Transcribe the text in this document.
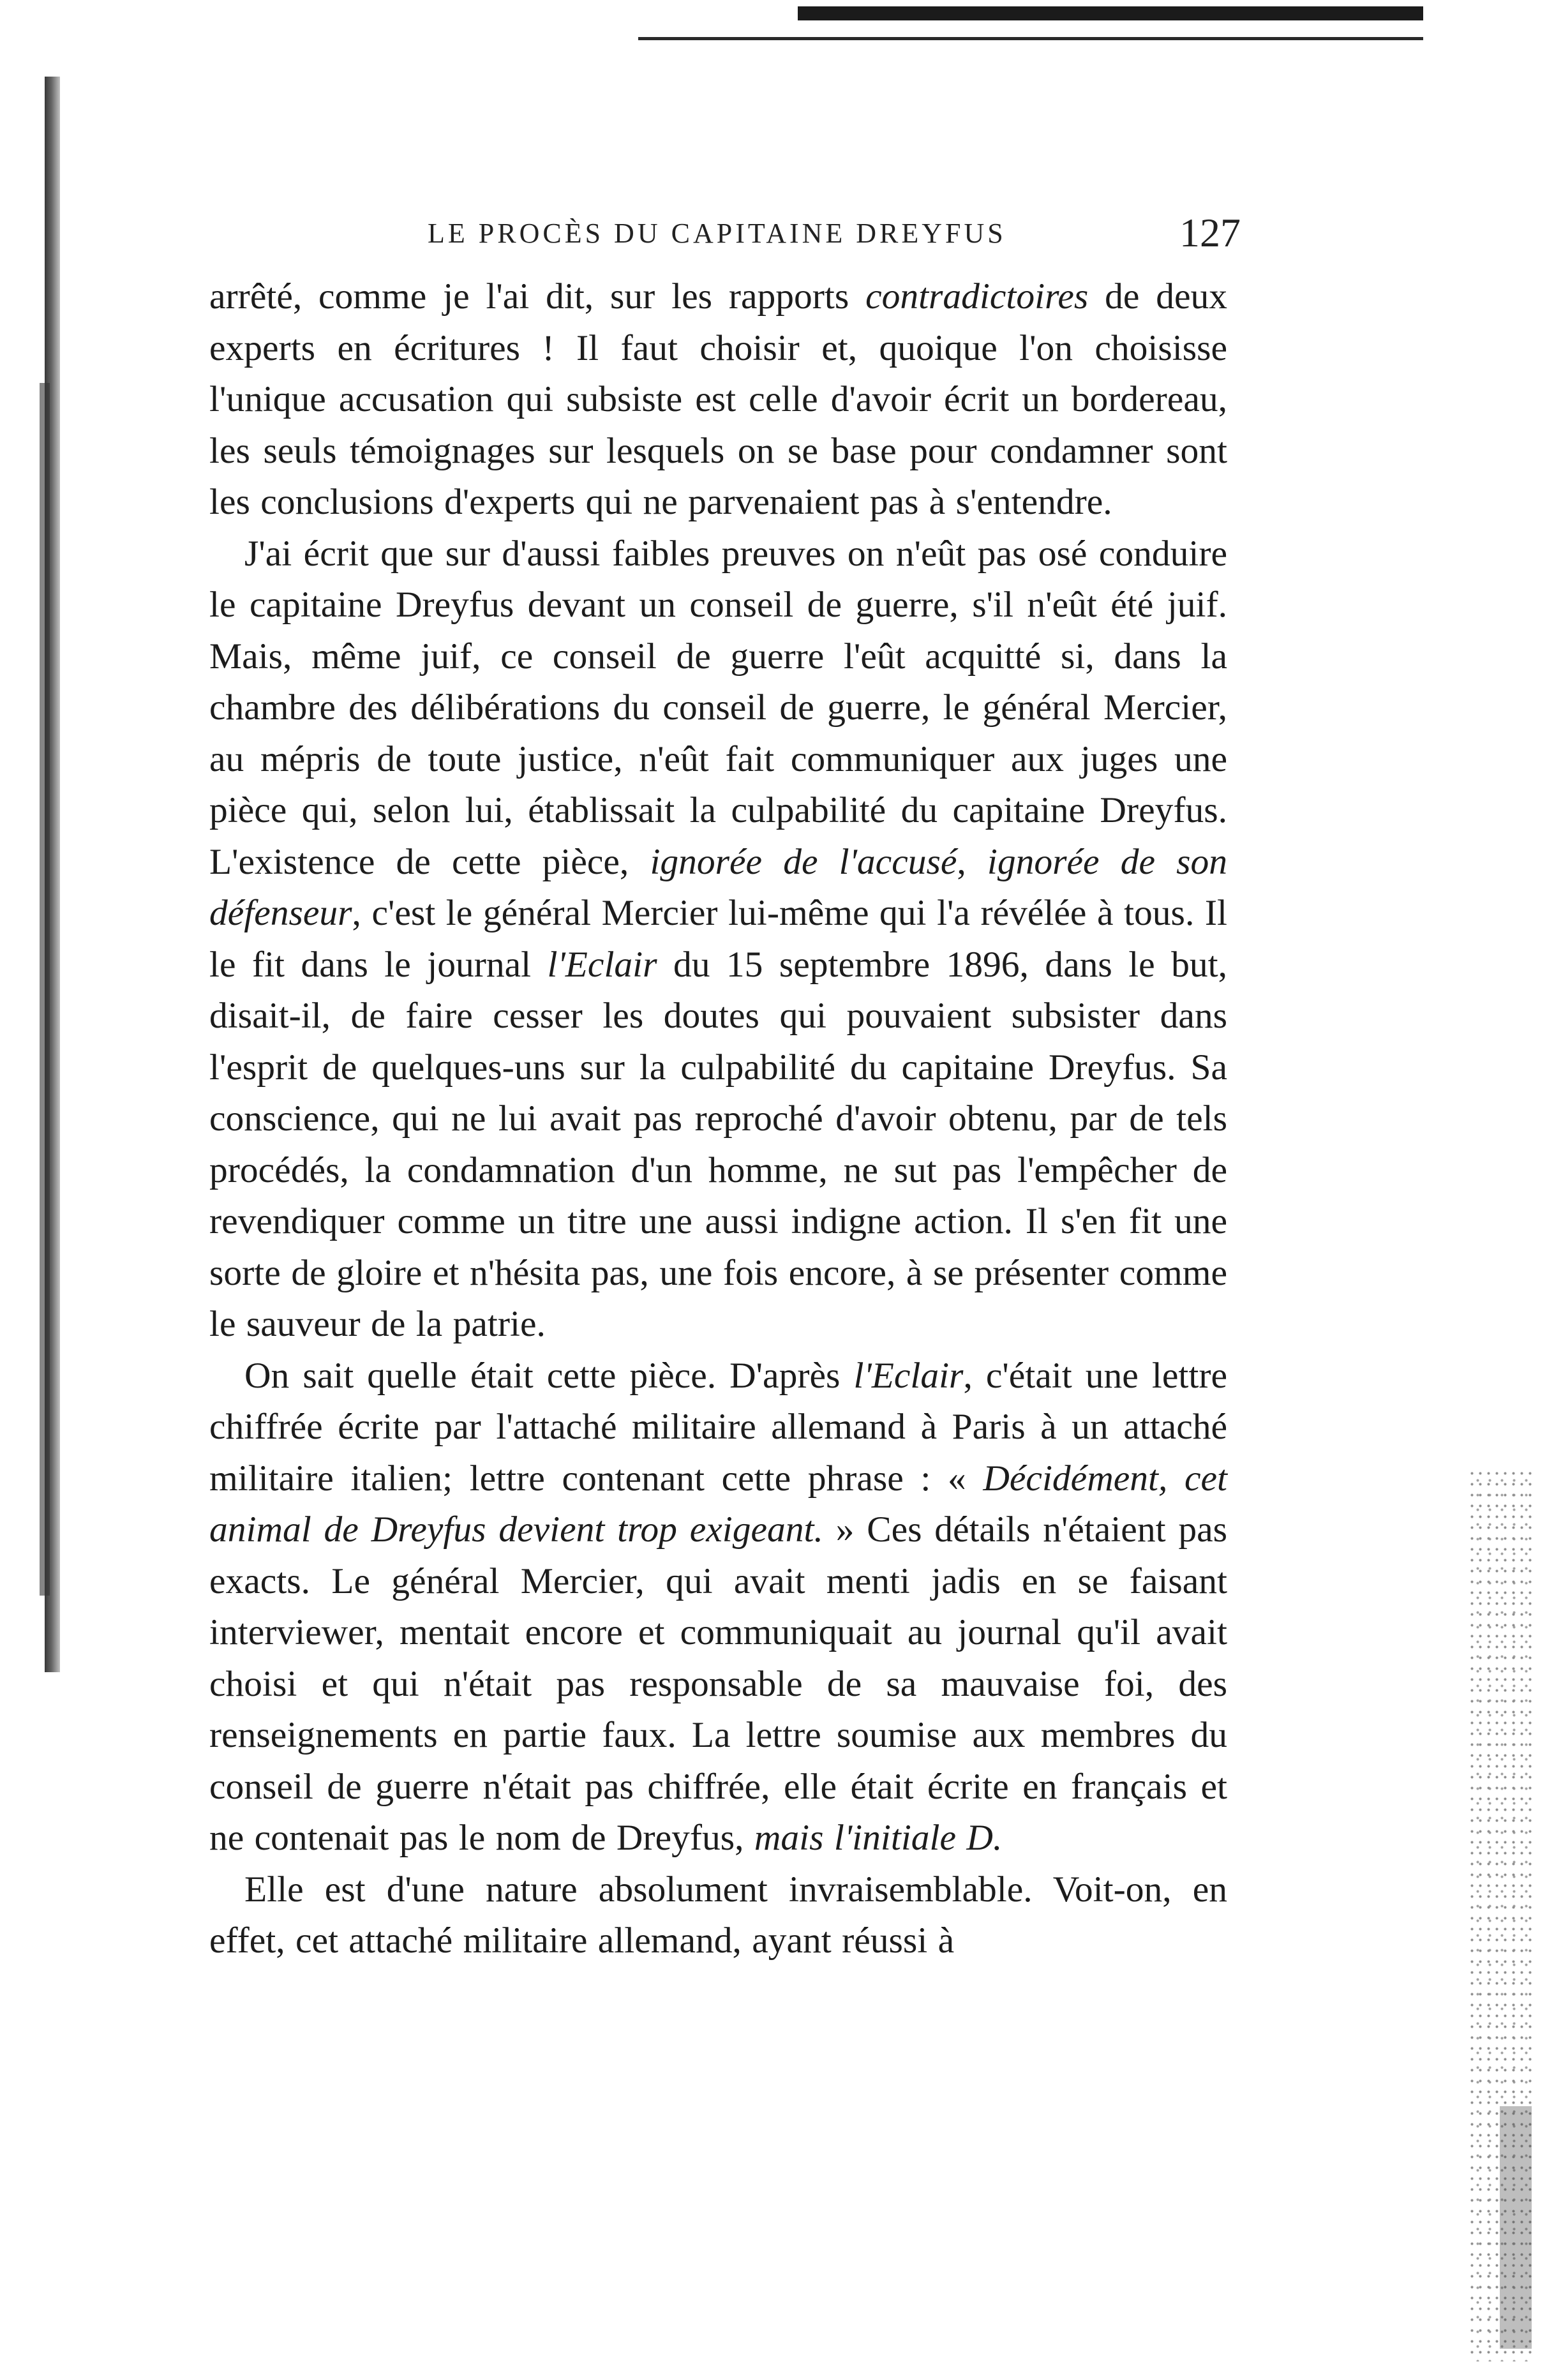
LE PROCÈS DU CAPITAINE DREYFUS	127

arrêté, comme je l'ai dit, sur les rapports contradictoires de deux experts en écritures ! Il faut choisir et, quoique l'on choisisse l'unique accusation qui subsiste est celle d'avoir écrit un bordereau, les seuls témoignages sur lesquels on se base pour condamner sont les conclusions d'experts qui ne parvenaient pas à s'entendre.

J'ai écrit que sur d'aussi faibles preuves on n'eût pas osé conduire le capitaine Dreyfus devant un conseil de guerre, s'il n'eût été juif. Mais, même juif, ce conseil de guerre l'eût acquitté si, dans la chambre des délibérations du conseil de guerre, le général Mercier, au mépris de toute justice, n'eût fait communiquer aux juges une pièce qui, selon lui, établissait la culpabilité du capitaine Dreyfus. L'existence de cette pièce, ignorée de l'accusé, ignorée de son défenseur, c'est le général Mercier lui-même qui l'a révélée à tous. Il le fit dans le journal l'Eclair du 15 septembre 1896, dans le but, disait-il, de faire cesser les doutes qui pouvaient subsister dans l'esprit de quelques-uns sur la culpabilité du capitaine Dreyfus. Sa conscience, qui ne lui avait pas reproché d'avoir obtenu, par de tels procédés, la condamnation d'un homme, ne sut pas l'empêcher de revendiquer comme un titre une aussi indigne action. Il s'en fit une sorte de gloire et n'hésita pas, une fois encore, à se présenter comme le sauveur de la patrie.

On sait quelle était cette pièce. D'après l'Eclair, c'était une lettre chiffrée écrite par l'attaché militaire allemand à Paris à un attaché militaire italien; lettre contenant cette phrase : « Décidément, cet animal de Dreyfus devient trop exigeant. » Ces détails n'étaient pas exacts. Le général Mercier, qui avait menti jadis en se faisant interviewer, mentait encore et communiquait au journal qu'il avait choisi et qui n'était pas responsable de sa mauvaise foi, des renseignements en partie faux. La lettre soumise aux membres du conseil de guerre n'était pas chiffrée, elle était écrite en français et ne contenait pas le nom de Dreyfus, mais l'initiale D.

Elle est d'une nature absolument invraisemblable. Voit-on, en effet, cet attaché militaire allemand, ayant réussi à
